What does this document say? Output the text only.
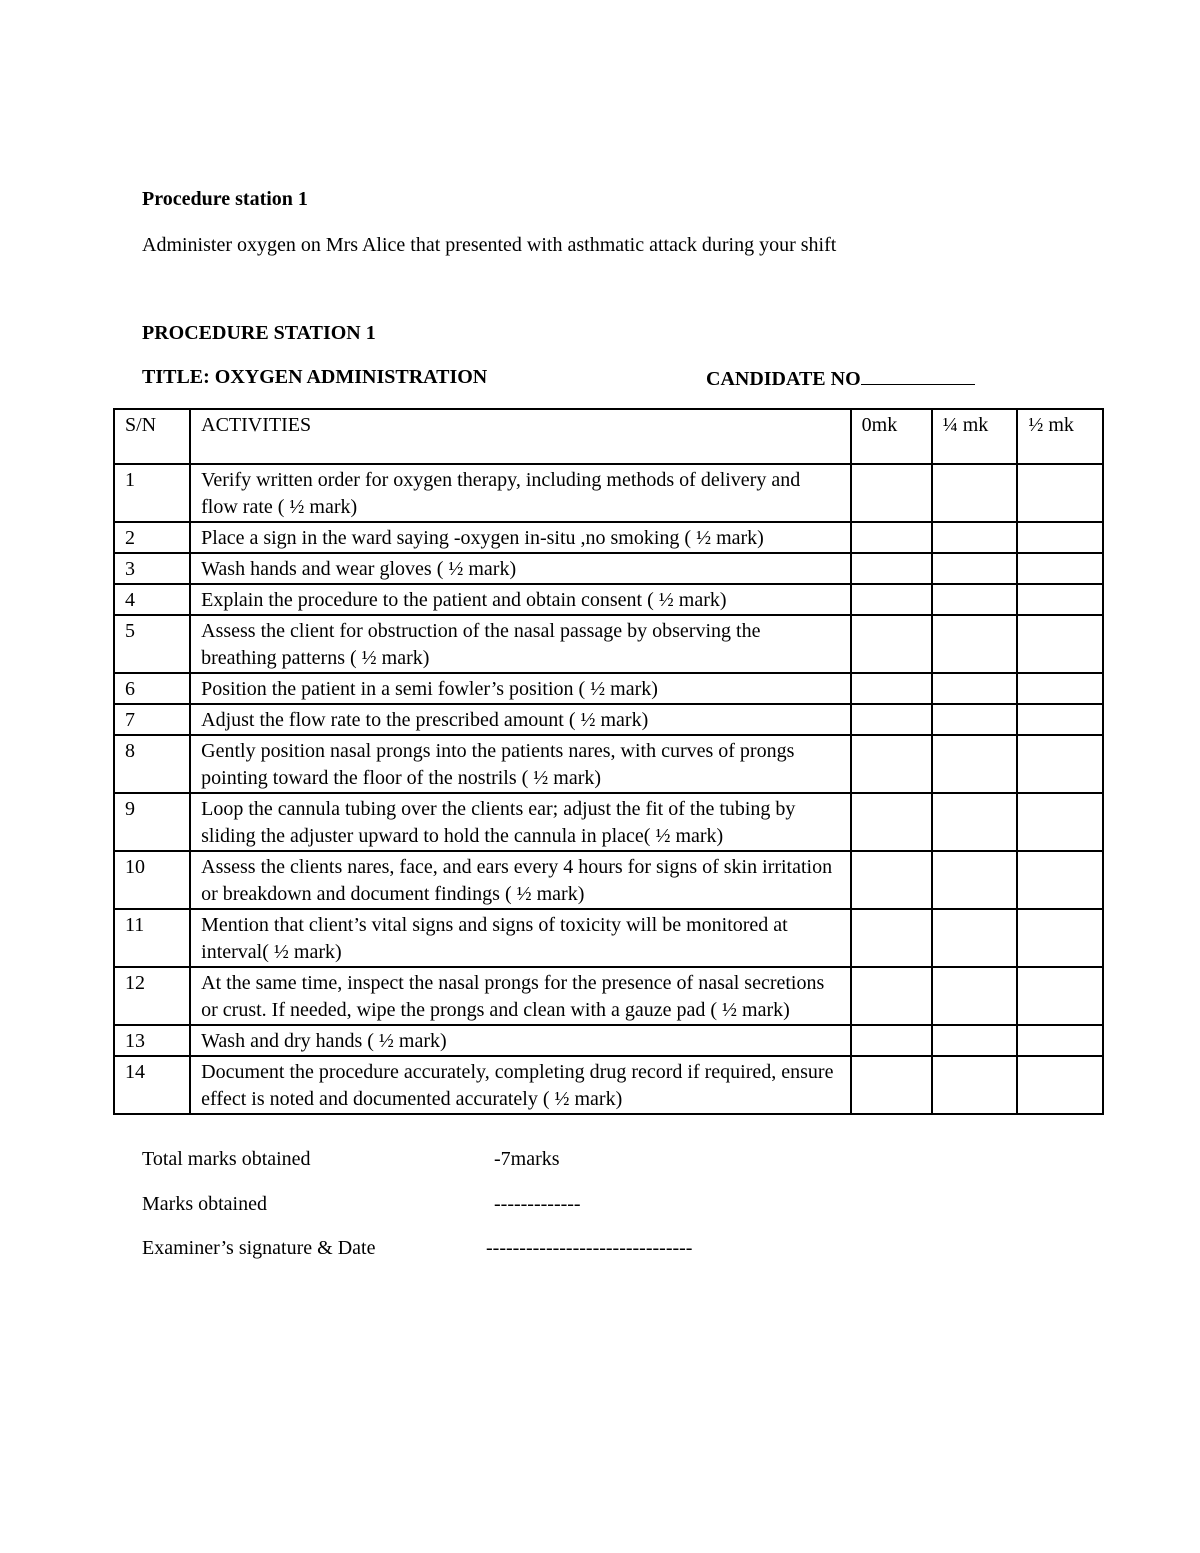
Procedure station 1
Administer oxygen on Mrs Alice that presented with asthmatic attack during your shift
PROCEDURE STATION 1
TITLE: OXYGEN ADMINISTRATION	CANDIDATE NO
S/N	ACTIVITIES	0mk	¼ mk	½ mk
1	Verify written order for oxygen therapy, including methods of delivery and flow rate ( ½ mark)			
2	Place a sign in the ward saying -oxygen in-situ ,no smoking ( ½ mark)			
3	Wash hands and wear gloves ( ½ mark)			
4	Explain the procedure to the patient and obtain consent ( ½ mark)			
5	Assess the client for obstruction of the nasal passage by observing the breathing patterns ( ½ mark)			
6	Position the patient in a semi fowler’s position ( ½ mark)			
7	Adjust the flow rate to the prescribed amount ( ½ mark)			
8	Gently position nasal prongs into the patients nares, with curves of prongs pointing toward the floor of the nostrils ( ½ mark)			
9	Loop the cannula tubing over the clients ear; adjust the fit of the tubing by sliding the adjuster upward to hold the cannula in place( ½ mark)			
10	Assess the clients nares, face, and ears every 4 hours for signs of skin irritation or breakdown and document findings ( ½ mark)			
11	Mention that client’s vital signs and signs of toxicity will be monitored at interval( ½ mark)			
12	At the same time, inspect the nasal prongs for the presence of nasal secretions or crust. If needed, wipe the prongs and clean with a gauze pad ( ½ mark)			
13	Wash and dry hands ( ½ mark)			
14	Document the procedure accurately, completing drug record if required, ensure effect is noted and documented accurately ( ½ mark)			
Total marks obtained	-7marks
Marks obtained	-------------
Examiner’s signature & Date	-------------------------------
